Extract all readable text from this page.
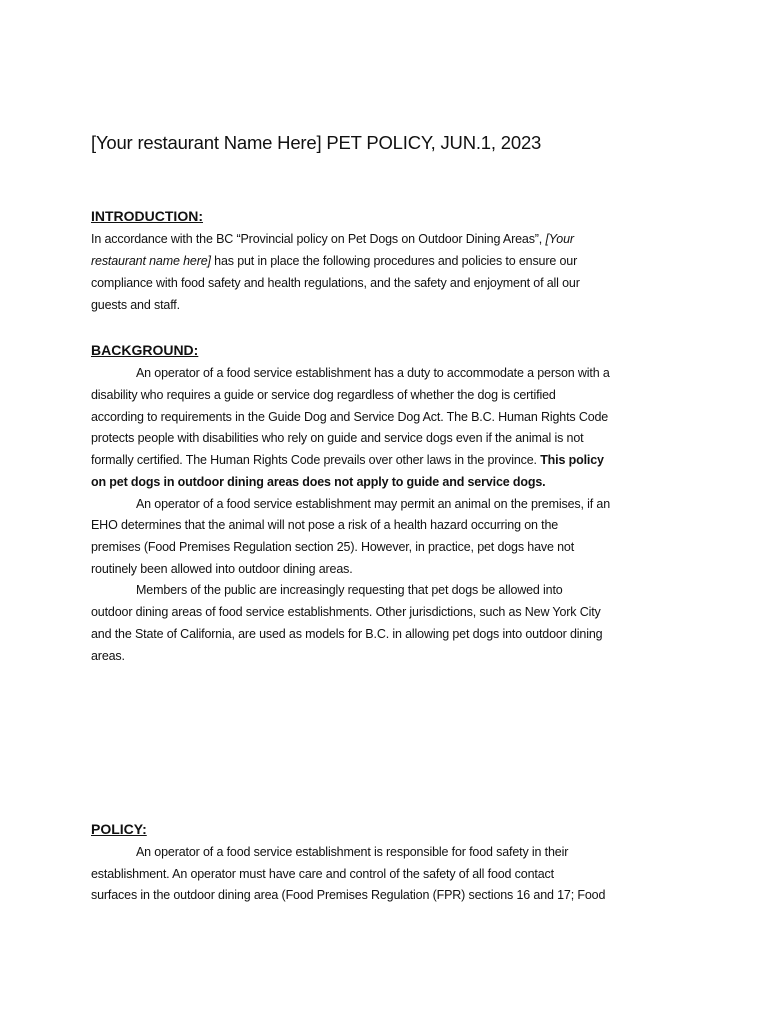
[Your restaurant Name Here] PET POLICY, JUN.1, 2023
INTRODUCTION:

In accordance with the BC “Provincial policy on Pet Dogs on Outdoor Dining Areas”, [Your

restaurant name here] has put in place the following procedures and policies to ensure our

compliance with food safety and health regulations, and the safety and enjoyment of all our

guests and staff.

BACKGROUND:

An operator of a food service establishment has a duty to accommodate a person with a

disability who requires a guide or service dog regardless of whether the dog is certified

according to requirements in the Guide Dog and Service Dog Act. The B.C. Human Rights Code

protects people with disabilities who rely on guide and service dogs even if the animal is not

formally certified. The Human Rights Code prevails over other laws in the province. This policy

on pet dogs in outdoor dining areas does not apply to guide and service dogs.

An operator of a food service establishment may permit an animal on the premises, if an

EHO determines that the animal will not pose a risk of a health hazard occurring on the

premises (Food Premises Regulation section 25). However, in practice, pet dogs have not

routinely been allowed into outdoor dining areas.

Members of the public are increasingly requesting that pet dogs be allowed into

outdoor dining areas of food service establishments. Other jurisdictions, such as New York City

and the State of California, are used as models for B.C. in allowing pet dogs into outdoor dining

areas.

POLICY:

An operator of a food service establishment is responsible for food safety in their

establishment. An operator must have care and control of the safety of all food contact

surfaces in the outdoor dining area (Food Premises Regulation (FPR) sections 16 and 17; Food
